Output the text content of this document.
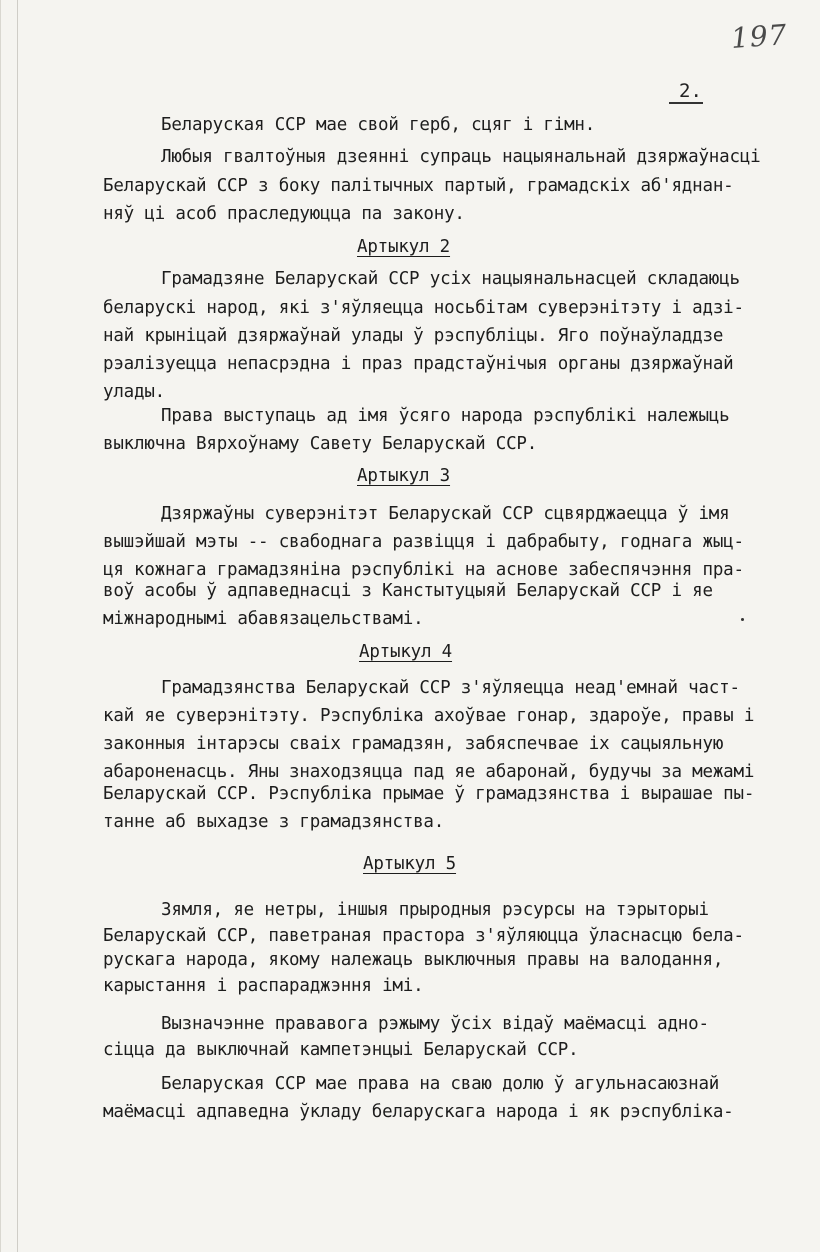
197
2.
Беларуская ССР мае свой герб, сцяг і гімн.
Любыя гвалтоўныя дзеянні супраць нацыянальнай дзяржаўнасці
Беларускай ССР з боку палітычных партый, грамадскіх аб'яднан-
няў ці асоб праследуюцца па закону.
Артыкул 2
Грамадзяне Беларускай ССР усіх нацыянальнасцей складаюць
беларускі народ, які з'яўляецца носьбітам суверэнітэту і адзі-
най крыніцай дзяржаўнай улады ў рэспубліцы. Яго поўнаўладдзе
рэалізуецца непасрэдна і праз прадстаўнічыя органы дзяржаўнай
улады.
Права выступаць ад імя ўсяго народа рэспублікі належыць
выключна Вярхоўнаму Савету Беларускай ССР.
Артыкул 3
Дзяржаўны суверэнітэт Беларускай ССР сцвярджаецца ў імя
вышэйшай мэты -- свабоднага развіцця і дабрабыту, годнага жыц-
ця кожнага грамадзяніна рэспублікі на аснове забеспячэння пра-
воў асобы ў адпаведнасці з Канстытуцыяй Беларускай ССР і яе
міжнароднымі абавязацельствамі.
Артыкул 4
Грамадзянства Беларускай ССР з'яўляецца неад'емнай част-
кай яе суверэнітэту. Рэспубліка ахоўвае гонар, здароўе, правы і
законныя інтарэсы сваіх грамадзян, забяспечвае іх сацыяльную
абароненасць. Яны знаходзяцца пад яе абаронай, будучы за межамі
Беларускай ССР. Рэспубліка прымае ў грамадзянства і вырашае пы-
танне аб выхадзе з грамадзянства.
Артыкул 5
Зямля, яе нетры, іншыя прыродныя рэсурсы на тэрыторыі
Беларускай ССР, паветраная прастора з'яўляюцца ўласнасцю бела-
рускага народа, якому належаць выключныя правы на валодання,
карыстання і распараджэння імі.
Вызначэнне прававога рэжыму ўсіх відаў маёмасці адно-
сіцца да выключнай кампетэнцыі Беларускай ССР.
Беларуская ССР мае права на сваю долю ў агульнасаюзнай
маёмасці адпаведна ўкладу беларускага народа і як рэспубліка-
